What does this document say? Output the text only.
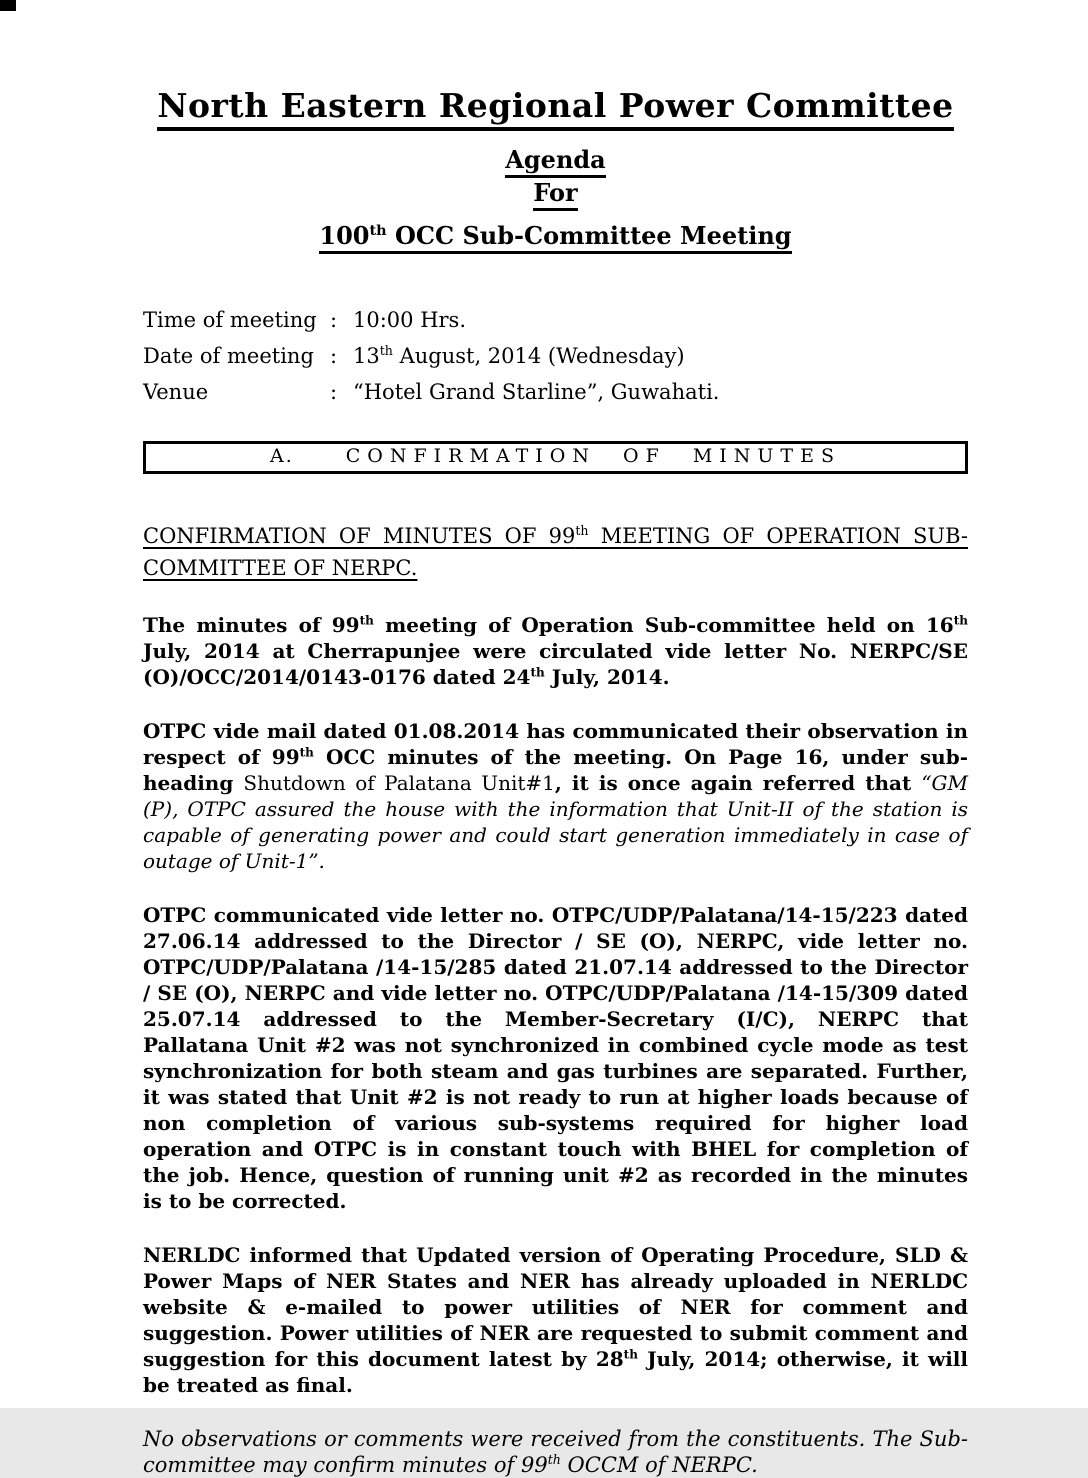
North Eastern Regional Power Committee
Agenda
For
100th OCC Sub-Committee Meeting
Time of meeting : 10:00 Hrs.
Date of meeting : 13th August, 2014 (Wednesday)
Venue	: “Hotel Grand Starline”, Guwahati.
A.	CONFIRMATION OF MINUTES

CONFIRMATION OF MINUTES OF 99th MEETING OF OPERATION SUB-COMMITTEE OF NERPC.

The minutes of 99th meeting of Operation Sub-committee held on 16th July, 2014 at Cherrapunjee were circulated vide letter No. NERPC/SE (O)/OCC/2014/0143-0176 dated 24th July, 2014.

OTPC vide mail dated 01.08.2014 has communicated their observation in respect of 99th OCC minutes of the meeting. On Page 16, under sub-heading Shutdown of Palatana Unit#1, it is once again referred that “GM (P), OTPC assured the house with the information that Unit-II of the station is capable of generating power and could start generation immediately in case of outage of Unit-1”.

OTPC communicated vide letter no. OTPC/UDP/Palatana/14-15/223 dated 27.06.14 addressed to the Director / SE (O), NERPC, vide letter no. OTPC/UDP/Palatana /14-15/285 dated 21.07.14 addressed to the Director / SE (O), NERPC and vide letter no. OTPC/UDP/Palatana /14-15/309 dated 25.07.14 addressed to the Member-Secretary (I/C), NERPC that Pallatana Unit #2 was not synchronized in combined cycle mode as test synchronization for both steam and gas turbines are separated. Further, it was stated that Unit #2 is not ready to run at higher loads because of non completion of various sub-systems required for higher load operation and OTPC is in constant touch with BHEL for completion of the job. Hence, question of running unit #2 as recorded in the minutes is to be corrected.

NERLDC informed that Updated version of Operating Procedure, SLD & Power Maps of NER States and NER has already uploaded in NERLDC website & e-mailed to power utilities of NER for comment and suggestion. Power utilities of NER are requested to submit comment and suggestion for this document latest by 28th July, 2014; otherwise, it will be treated as final.

No observations or comments were received from the constituents. The Sub-committee may confirm minutes of 99th OCCM of NERPC.
